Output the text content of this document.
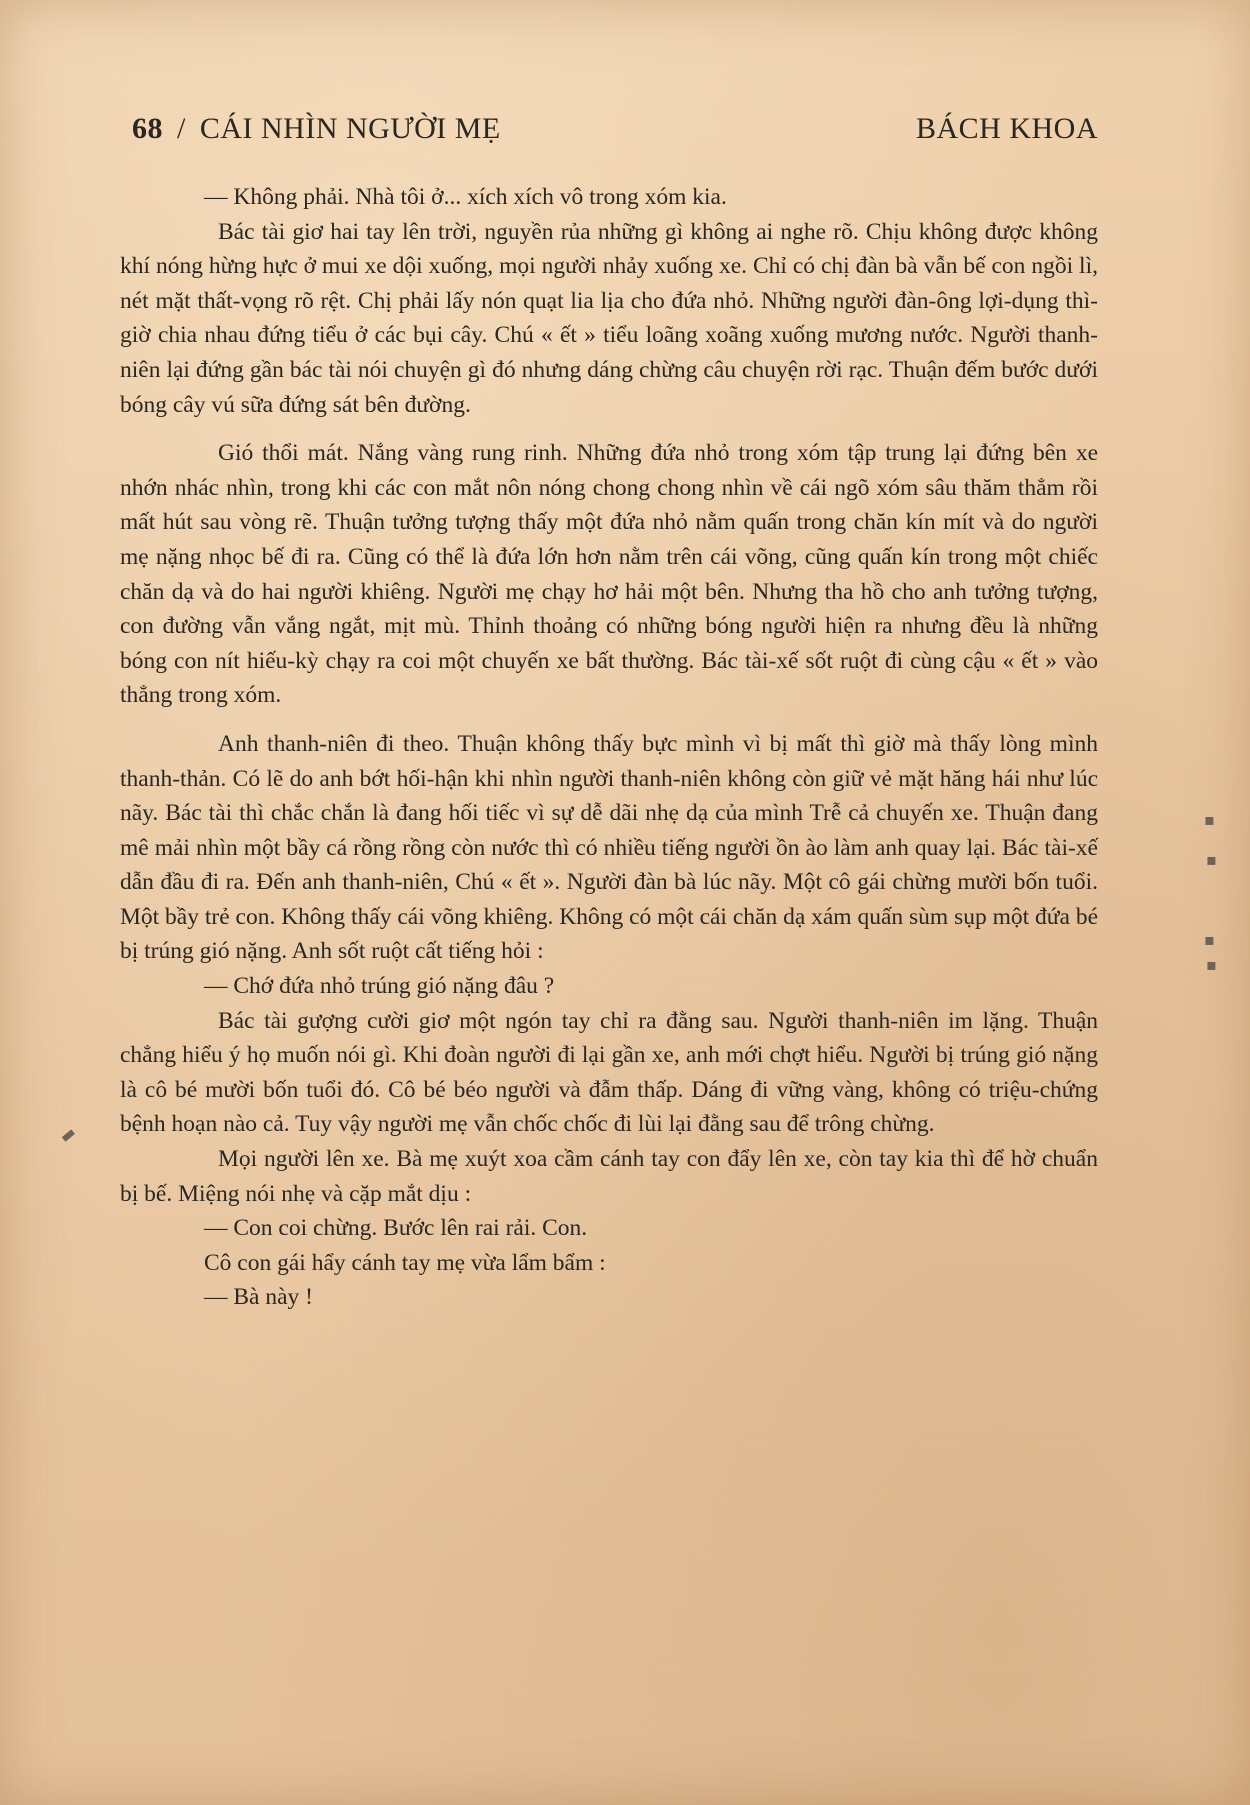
68 / CÁI NHÌN NGƯỜI MẸ	BÁCH KHOA

— Không phải. Nhà tôi ở... xích xích vô trong xóm kia.

Bác tài giơ hai tay lên trời, nguyền rủa những gì không ai nghe rõ. Chịu không được không khí nóng hừng hực ở mui xe dội xuống, mọi người nhảy xuống xe. Chỉ có chị đàn bà vẫn bế con ngồi lì, nét mặt thất-vọng rõ rệt. Chị phải lấy nón quạt lia lịa cho đứa nhỏ. Những người đàn-ông lợi-dụng thì-giờ chia nhau đứng tiểu ở các bụi cây. Chú « ết » tiểu loãng xoãng xuống mương nước. Người thanh-niên lại đứng gần bác tài nói chuyện gì đó nhưng dáng chừng câu chuyện rời rạc. Thuận đếm bước dưới bóng cây vú sữa đứng sát bên đường.

Gió thổi mát. Nắng vàng rung rinh. Những đứa nhỏ trong xóm tập trung lại đứng bên xe nhớn nhác nhìn, trong khi các con mắt nôn nóng chong chong nhìn về cái ngõ xóm sâu thăm thẳm rồi mất hút sau vòng rẽ. Thuận tưởng tượng thấy một đứa nhỏ nằm quấn trong chăn kín mít và do người mẹ nặng nhọc bế đi ra. Cũng có thể là đứa lớn hơn nằm trên cái võng, cũng quấn kín trong một chiếc chăn dạ và do hai người khiêng. Người mẹ chạy hơ hải một bên. Nhưng tha hồ cho anh tưởng tượng, con đường vẫn vắng ngắt, mịt mù. Thỉnh thoảng có những bóng người hiện ra nhưng đều là những bóng con nít hiếu-kỳ chạy ra coi một chuyến xe bất thường. Bác tài-xế sốt ruột đi cùng cậu « ết » vào thẳng trong xóm.

Anh thanh-niên đi theo. Thuận không thấy bực mình vì bị mất thì giờ mà thấy lòng mình thanh-thản. Có lẽ do anh bớt hối-hận khi nhìn người thanh-niên không còn giữ vẻ mặt hăng hái như lúc nãy. Bác tài thì chắc chắn là đang hối tiếc vì sự dễ dãi nhẹ dạ của mình Trễ cả chuyến xe. Thuận đang mê mải nhìn một bầy cá rồng rồng còn nước thì có nhiều tiếng người ồn ào làm anh quay lại. Bác tài-xế dẫn đầu đi ra. Đến anh thanh-niên, Chú « ết ». Người đàn bà lúc nãy. Một cô gái chừng mười bốn tuổi. Một bầy trẻ con. Không thấy cái võng khiêng. Không có một cái chăn dạ xám quấn sùm sụp một đứa bé bị trúng gió nặng. Anh sốt ruột cất tiếng hỏi :

— Chớ đứa nhỏ trúng gió nặng đâu ?

Bác tài gượng cười giơ một ngón tay chỉ ra đằng sau. Người thanh-niên im lặng. Thuận chẳng hiểu ý họ muốn nói gì. Khi đoàn người đi lại gần xe, anh mới chợt hiểu. Người bị trúng gió nặng là cô bé mười bốn tuổi đó. Cô bé béo người và đẫm thấp. Dáng đi vững vàng, không có triệu-chứng bệnh hoạn nào cả. Tuy vậy người mẹ vẫn chốc chốc đi lùi lại đằng sau để trông chừng.

Mọi người lên xe. Bà mẹ xuýt xoa cầm cánh tay con đẩy lên xe, còn tay kia thì để hờ chuẩn bị bế. Miệng nói nhẹ và cặp mắt dịu :

— Con coi chừng. Bước lên rai rải. Con.

Cô con gái hẩy cánh tay mẹ vừa lẩm bẩm :

— Bà này !

▪
▪
▪
▪
▬
